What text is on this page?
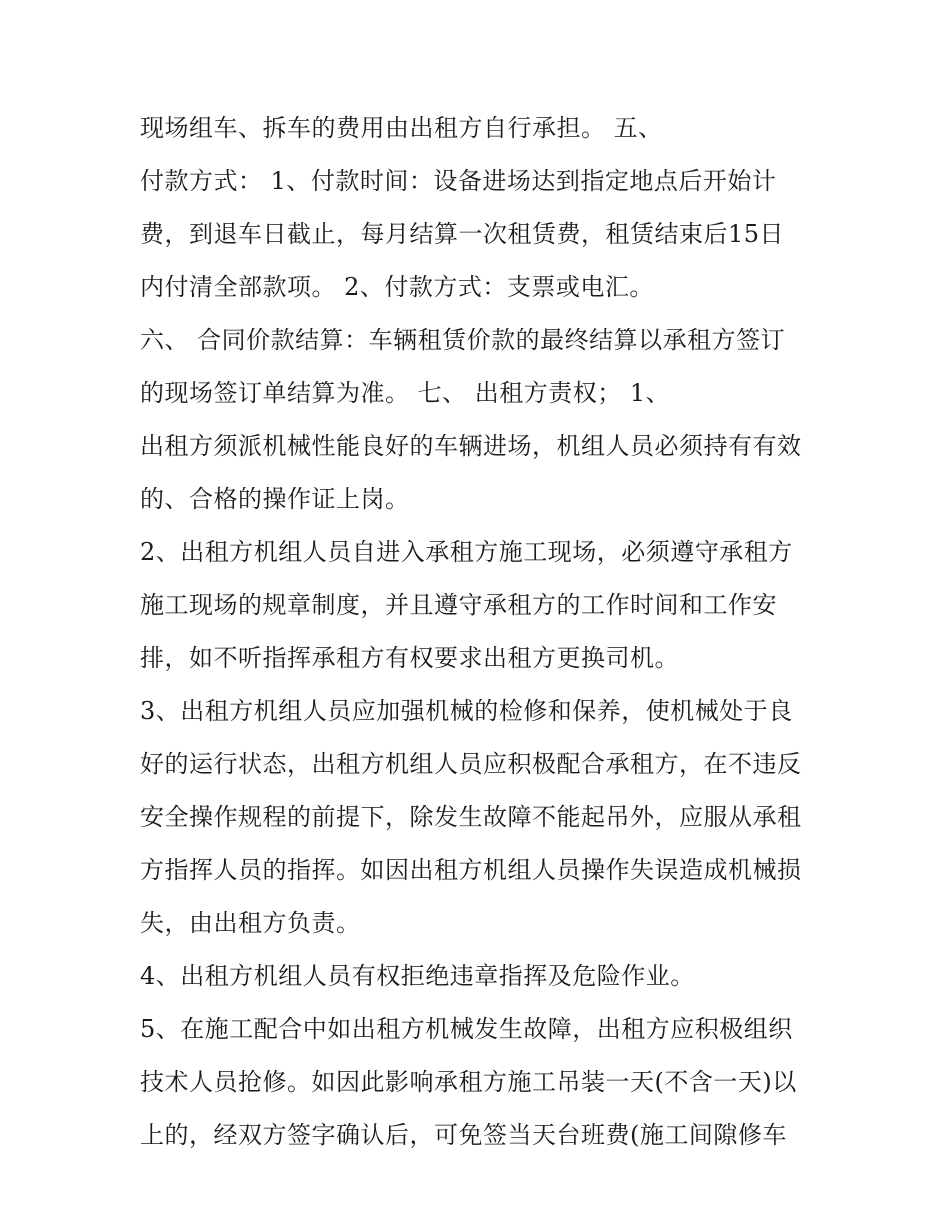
现场组车、拆车的费用由出租方自行承担。 五、
付款方式： 1、付款时间：设备进场达到指定地点后开始计
费，到退车日截止，每月结算一次租赁费，租赁结束后15日
内付清全部款项。 2、付款方式：支票或电汇。
六、 合同价款结算：车辆租赁价款的最终结算以承租方签订
的现场签订单结算为准。 七、 出租方责权； 1、
出租方须派机械性能良好的车辆进场，机组人员必须持有有效
的、合格的操作证上岗。
2、出租方机组人员自进入承租方施工现场，必须遵守承租方
施工现场的规章制度，并且遵守承租方的工作时间和工作安
排，如不听指挥承租方有权要求出租方更换司机。
3、出租方机组人员应加强机械的检修和保养，使机械处于良
好的运行状态，出租方机组人员应积极配合承租方，在不违反
安全操作规程的前提下，除发生故障不能起吊外，应服从承租
方指挥人员的指挥。如因出租方机组人员操作失误造成机械损
失，由出租方负责。
4、出租方机组人员有权拒绝违章指挥及危险作业。
5、在施工配合中如出租方机械发生故障，出租方应积极组织
技术人员抢修。如因此影响承租方施工吊装一天(不含一天)以
上的，经双方签字确认后，可免签当天台班费(施工间隙修车
